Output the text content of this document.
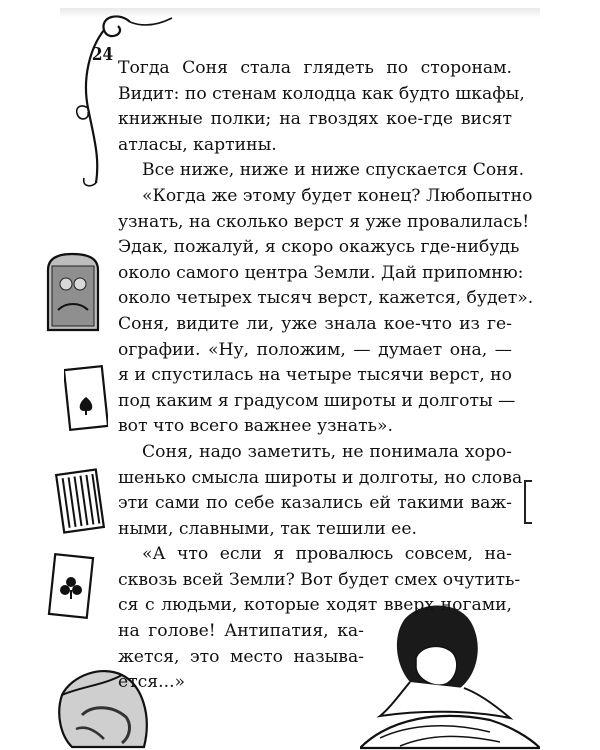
24

Тогда Соня стала глядеть по сторонам.
Видит: по стенам колодца как будто шкафы,
книжные полки; на гвоздях кое-где висят
атласы, картины.

Все ниже, ниже и ниже спускается Соня.

«Когда же этому будет конец? Любопытно
узнать, на сколько верст я уже провалилась!
Эдак, пожалуй, я скоро окажусь где-нибудь
около самого центра Земли. Дай припомню:
около четырех тысяч верст, кажется, будет».
Соня, видите ли, уже знала кое-что из ге-
ографии. «Ну, положим, — думает она, —
я и спустилась на четыре тысячи верст, но
под каким я градусом широты и долготы —
вот что всего важнее узнать».

Соня, надо заметить, не понимала хоро-
шенько смысла широты и долготы, но слова
эти сами по себе казались ей такими важ-
ными, славными, так тешили ее.

«А что если я провалюсь совсем, на-
сквозь всей Земли? Вот будет смех очутить-
ся с людьми, которые ходят вверх ногами,
на голове! Антипатия, ка-
жется, это место называ-
ется...»
